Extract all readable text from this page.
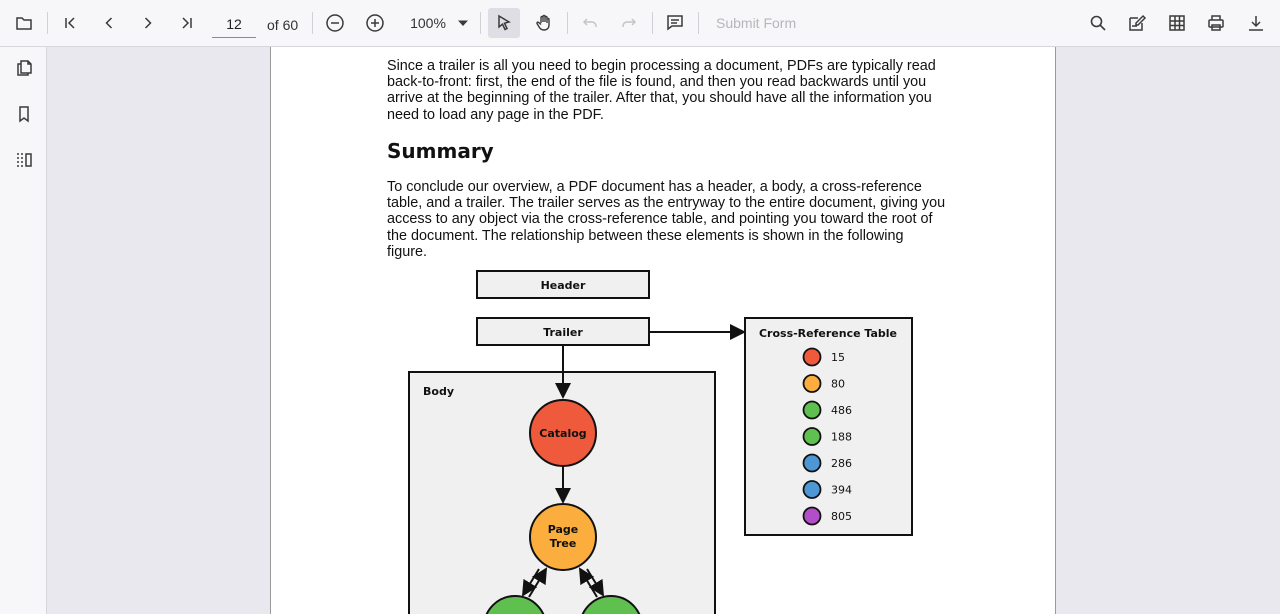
12
of 60	100%	Submit Form

Since a trailer is all you need to begin processing a document, PDFs are typically read back-to-front: first, the end of the file is found, and then you read backwards until you arrive at the beginning of the trailer. After that, you should have all the information you need to load any page in the PDF.

Summary

To conclude our overview, a PDF document has a header, a body, a cross-reference table, and a trailer. The trailer serves as the entryway to the entire document, giving you access to any object via the cross-reference table, and pointing you toward the root of the document. The relationship between these elements is shown in the following figure.

Header
Trailer
Body
Catalog
Page
Tree
Cross-Reference Table
15
80
486
188
286
394
805
